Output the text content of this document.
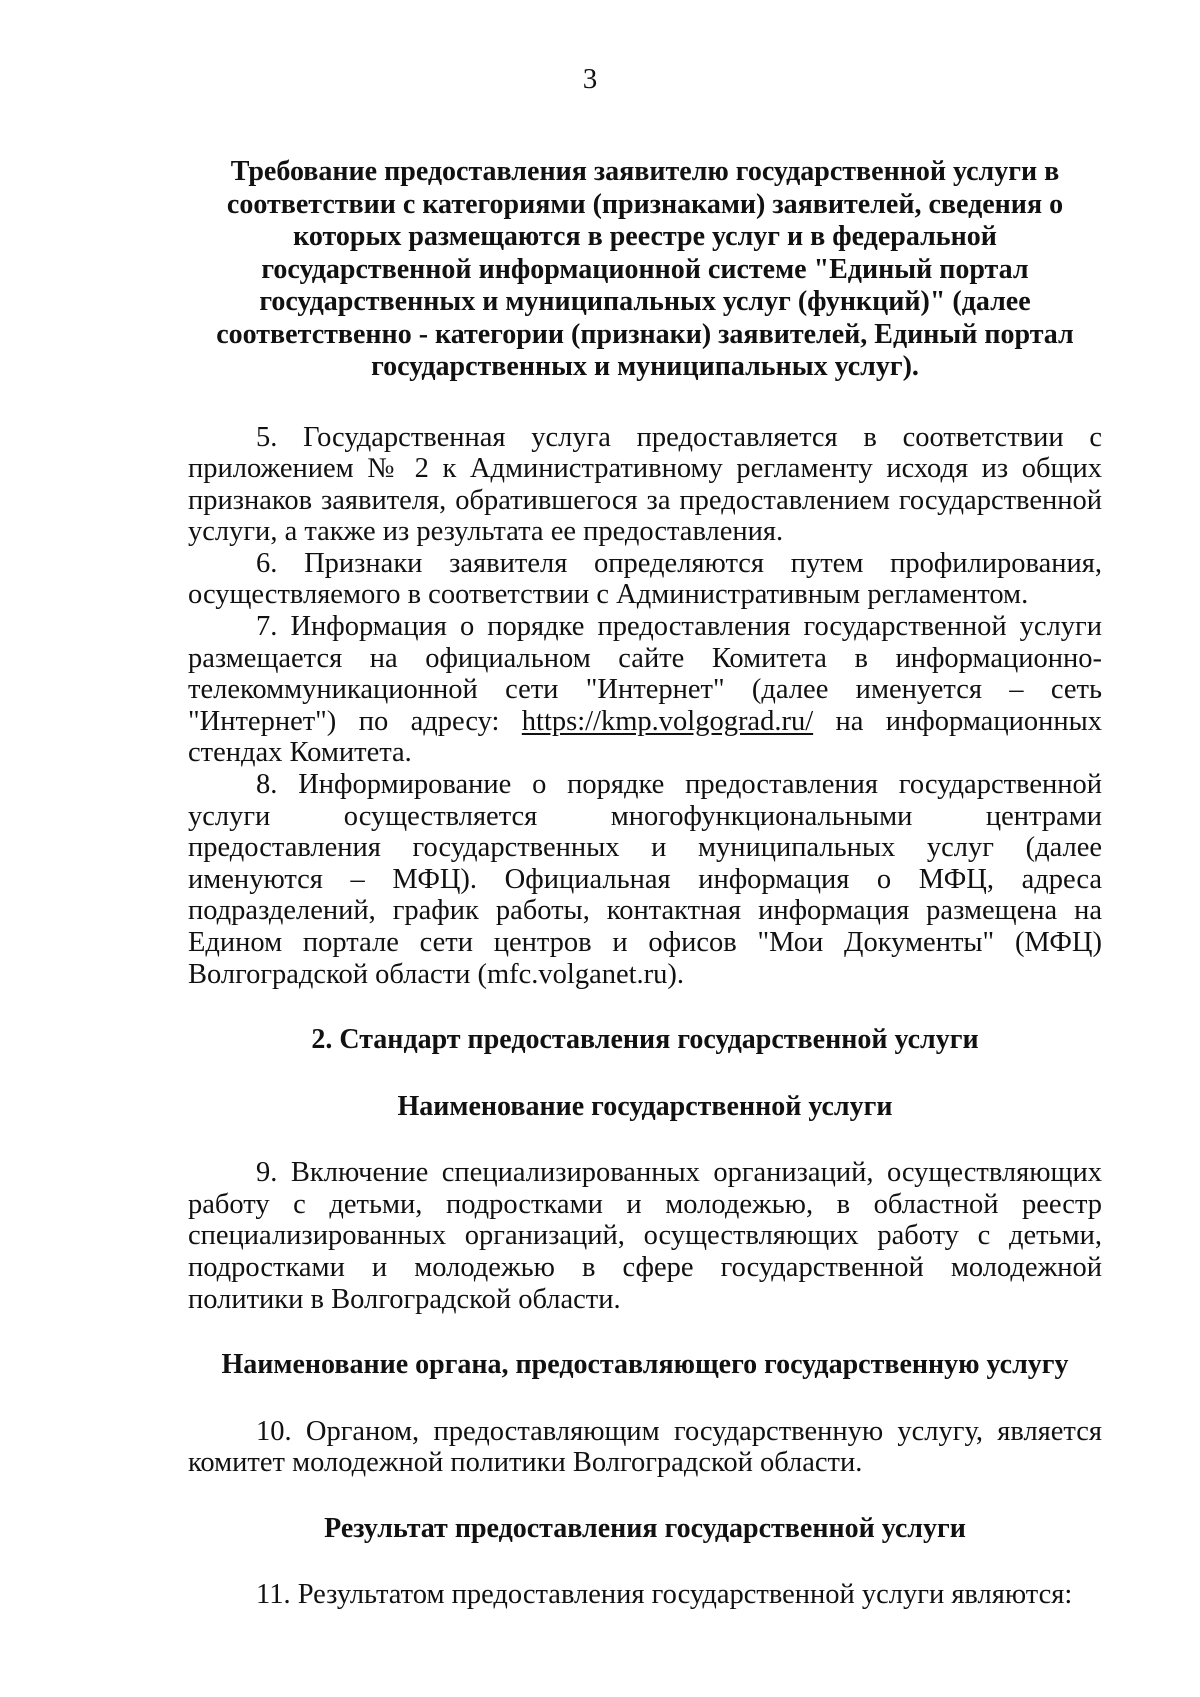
3

Требование предоставления заявителю государственной услуги в соответствии с категориями (признаками) заявителей, сведения о которых размещаются в реестре услуг и в федеральной государственной информационной системе "Единый портал государственных и муниципальных услуг (функций)" (далее соответственно - категории (признаки) заявителей, Единый портал государственных и муниципальных услуг).

5. Государственная услуга предоставляется в соответствии с приложением № 2 к Административному регламенту исходя из общих признаков заявителя, обратившегося за предоставлением государственной услуги, а также из результата ее предоставления.

6. Признаки заявителя определяются путем профилирования, осуществляемого в соответствии с Административным регламентом.

7. Информация о порядке предоставления государственной услуги размещается на официальном сайте Комитета в информационно-телекоммуникационной сети "Интернет" (далее именуется – сеть "Интернет") по адресу: https://kmp.volgograd.ru/ на информационных стендах Комитета.

8. Информирование о порядке предоставления государственной услуги осуществляется многофункциональными центрами предоставления государственных и муниципальных услуг (далее именуются – МФЦ). Официальная информация о МФЦ, адреса подразделений, график работы, контактная информация размещена на Едином портале сети центров и офисов "Мои Документы" (МФЦ) Волгоградской области (mfc.volganet.ru).

2. Стандарт предоставления государственной услуги

Наименование государственной услуги

9. Включение специализированных организаций, осуществляющих работу с детьми, подростками и молодежью, в областной реестр специализированных организаций, осуществляющих работу с детьми, подростками и молодежью в сфере государственной молодежной политики в Волгоградской области.

Наименование органа, предоставляющего государственную услугу

10. Органом, предоставляющим государственную услугу, является комитет молодежной политики Волгоградской области.

Результат предоставления государственной услуги

11. Результатом предоставления государственной услуги являются:
